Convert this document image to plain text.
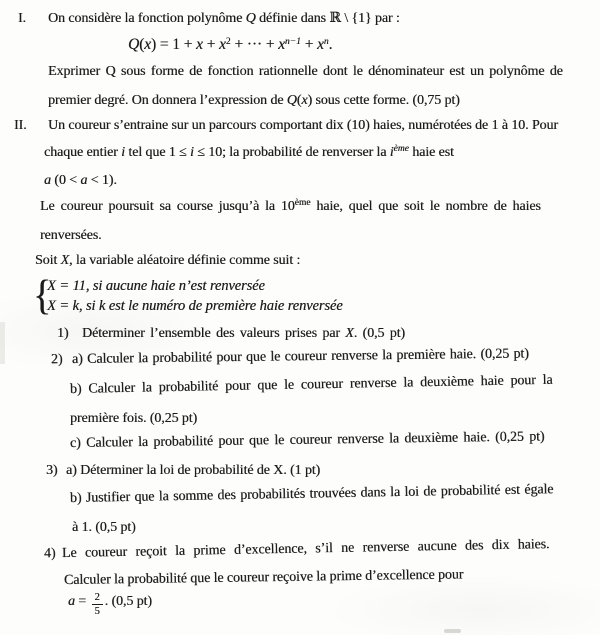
{
I. On considère la fonction polynôme Q définie dans ℝ \ {1} par :
$Q(x) = 1 + x + x^2$ + ··· + $x^{n-1} + x^n$.
Exprimer Q sous forme de fonction rationnelle dont le dénominateur est un polynôme de
premier degré. On donnera l’expression de Q(x) sous cette forme. (0,75 pt)
II. Un coureur s’entraine sur un parcours comportant dix (10) haies, numérotées de 1 à 10. Pour
chaque entier i tel que 1 ≤ i ≤ 10; la probabilité de renverser la $i^{ème}$ haie est
a (0 < a < 1).
Le coureur poursuit sa course jusqu’à la 10ème haie, quel que soit le nombre de haies
renversées.
Soit X, la variable aléatoire définie comme suit :
X = 11, si aucune haie n’est renversée
X = k, si k est le numéro de première haie renversée
1) Déterminer l’ensemble des valeurs prises par X. (0,5 pt)
2) a) Calculer la probabilité pour que le coureur renverse la première haie. (0,25 pt)
b) Calculer la probabilité pour que le coureur renverse la deuxième haie pour la
première fois. (0,25 pt)
c) Calculer la probabilité pour que le coureur renverse la deuxième haie. (0,25 pt)
3) a) Déterminer la loi de probabilité de X. (1 pt)
b) Justifier que la somme des probabilités trouvées dans la loi de probabilité est égale
à 1. (0,5 pt)
4) Le coureur reçoit la prime d’excellence, s’il ne renverse aucune des dix haies.
Calculer la probabilité que le coureur reçoive la prime d’excellence pour
$a = \frac{2}{5}$ . (0,5 pt)
